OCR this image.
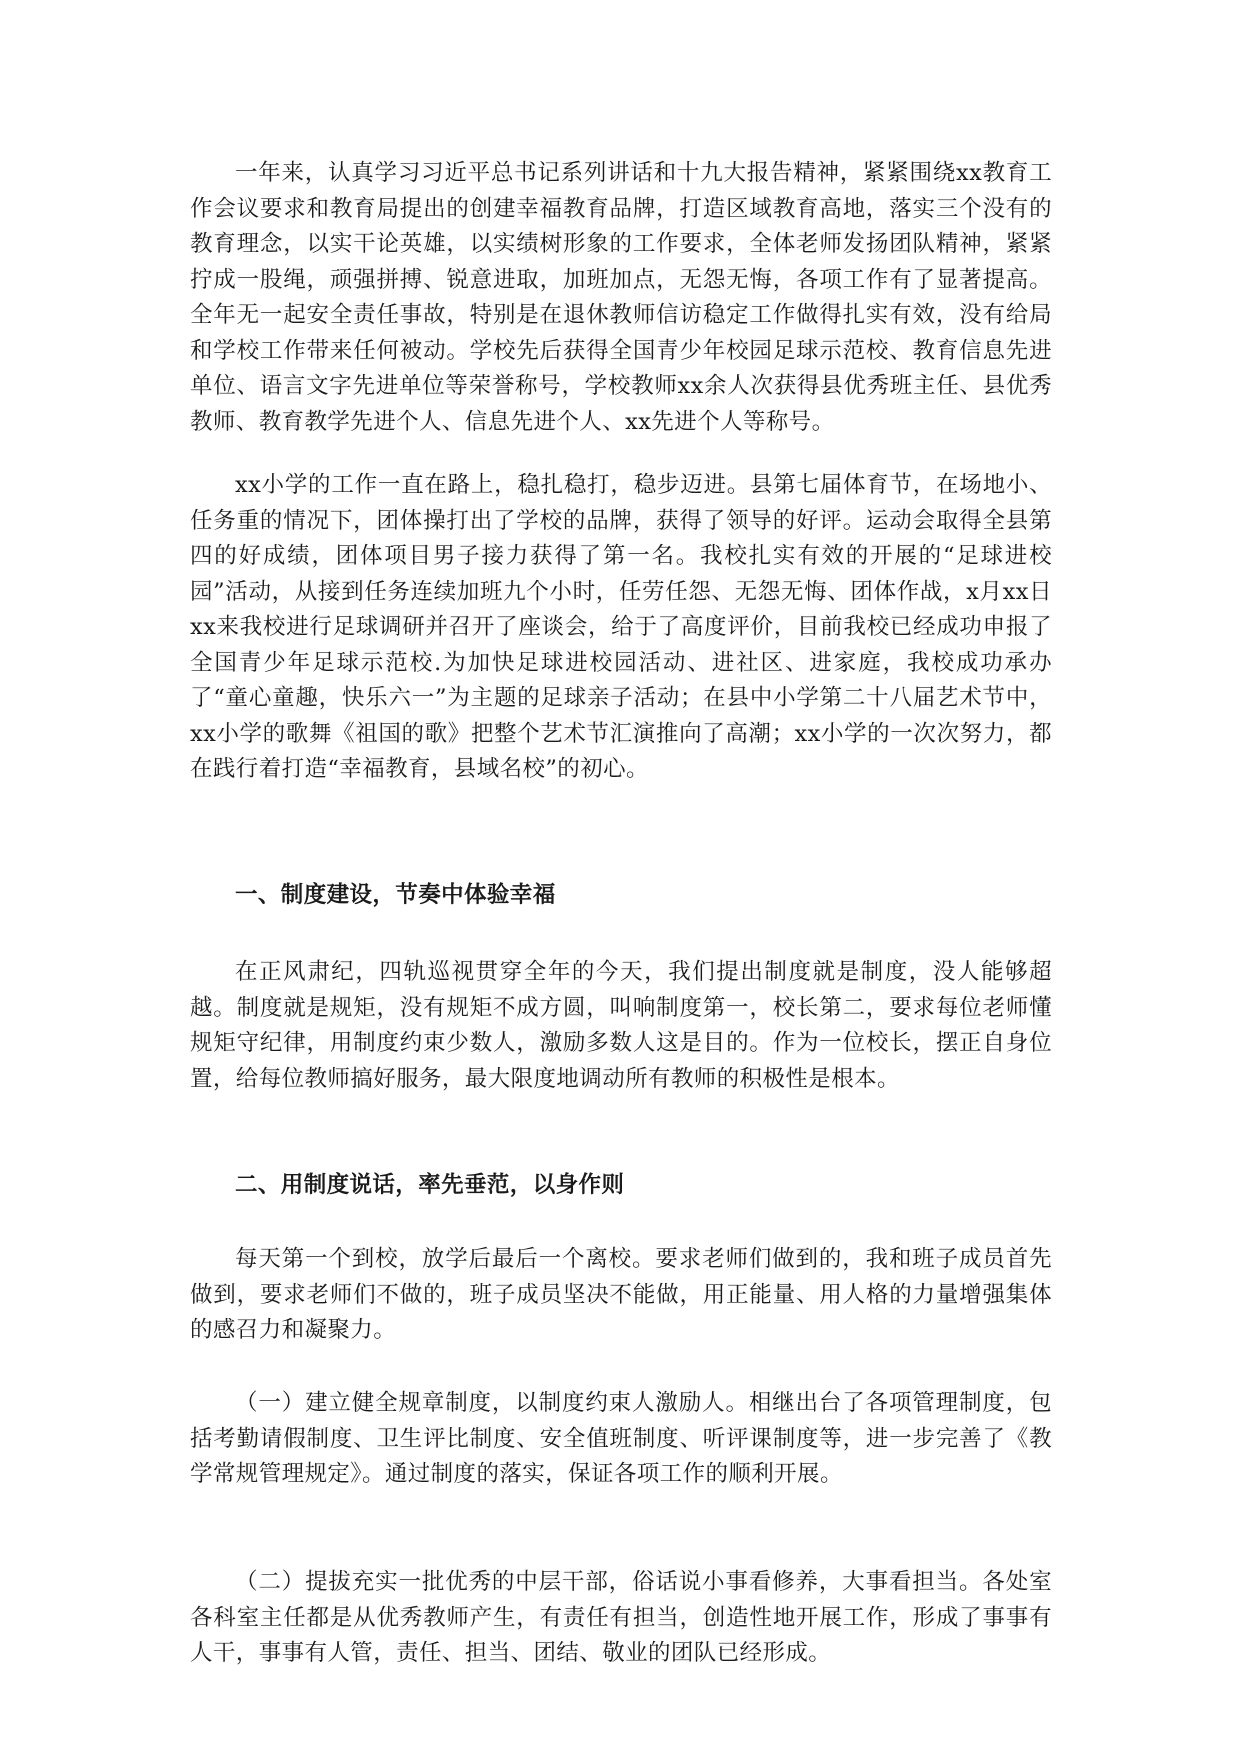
一年来，认真学习习近平总书记系列讲话和十九大报告精神，紧紧围绕xx教育工作会议要求和教育局提出的创建幸福教育品牌，打造区域教育高地，落实三个没有的教育理念，以实干论英雄，以实绩树形象的工作要求，全体老师发扬团队精神，紧紧拧成一股绳，顽强拼搏、锐意进取，加班加点，无怨无悔，各项工作有了显著提高。全年无一起安全责任事故，特别是在退休教师信访稳定工作做得扎实有效，没有给局和学校工作带来任何被动。学校先后获得全国青少年校园足球示范校、教育信息先进单位、语言文字先进单位等荣誉称号，学校教师xx余人次获得县优秀班主任、县优秀教师、教育教学先进个人、信息先进个人、xx先进个人等称号。

xx小学的工作一直在路上，稳扎稳打，稳步迈进。县第七届体育节，在场地小、任务重的情况下，团体操打出了学校的品牌，获得了领导的好评。运动会取得全县第四的好成绩，团体项目男子接力获得了第一名。我校扎实有效的开展的“足球进校园”活动，从接到任务连续加班九个小时，任劳任怨、无怨无悔、团体作战，x月xx日xx来我校进行足球调研并召开了座谈会，给于了高度评价，目前我校已经成功申报了全国青少年足球示范校.为加快足球进校园活动、进社区、进家庭，我校成功承办了“童心童趣，快乐六一”为主题的足球亲子活动；在县中小学第二十八届艺术节中，xx小学的歌舞《祖国的歌》把整个艺术节汇演推向了高潮；xx小学的一次次努力，都在践行着打造“幸福教育，县域名校”的初心。

一、制度建设，节奏中体验幸福

在正风肃纪，四轨巡视贯穿全年的今天，我们提出制度就是制度，没人能够超越。制度就是规矩，没有规矩不成方圆，叫响制度第一，校长第二，要求每位老师懂规矩守纪律，用制度约束少数人，激励多数人这是目的。作为一位校长，摆正自身位置，给每位教师搞好服务，最大限度地调动所有教师的积极性是根本。

二、用制度说话，率先垂范，以身作则

每天第一个到校，放学后最后一个离校。要求老师们做到的，我和班子成员首先做到，要求老师们不做的，班子成员坚决不能做，用正能量、用人格的力量增强集体的感召力和凝聚力。

（一）建立健全规章制度，以制度约束人激励人。相继出台了各项管理制度，包括考勤请假制度、卫生评比制度、安全值班制度、听评课制度等，进一步完善了《教学常规管理规定》。通过制度的落实，保证各项工作的顺利开展。

（二）提拔充实一批优秀的中层干部，俗话说小事看修养，大事看担当。各处室各科室主任都是从优秀教师产生，有责任有担当，创造性地开展工作，形成了事事有人干，事事有人管，责任、担当、团结、敬业的团队已经形成。
